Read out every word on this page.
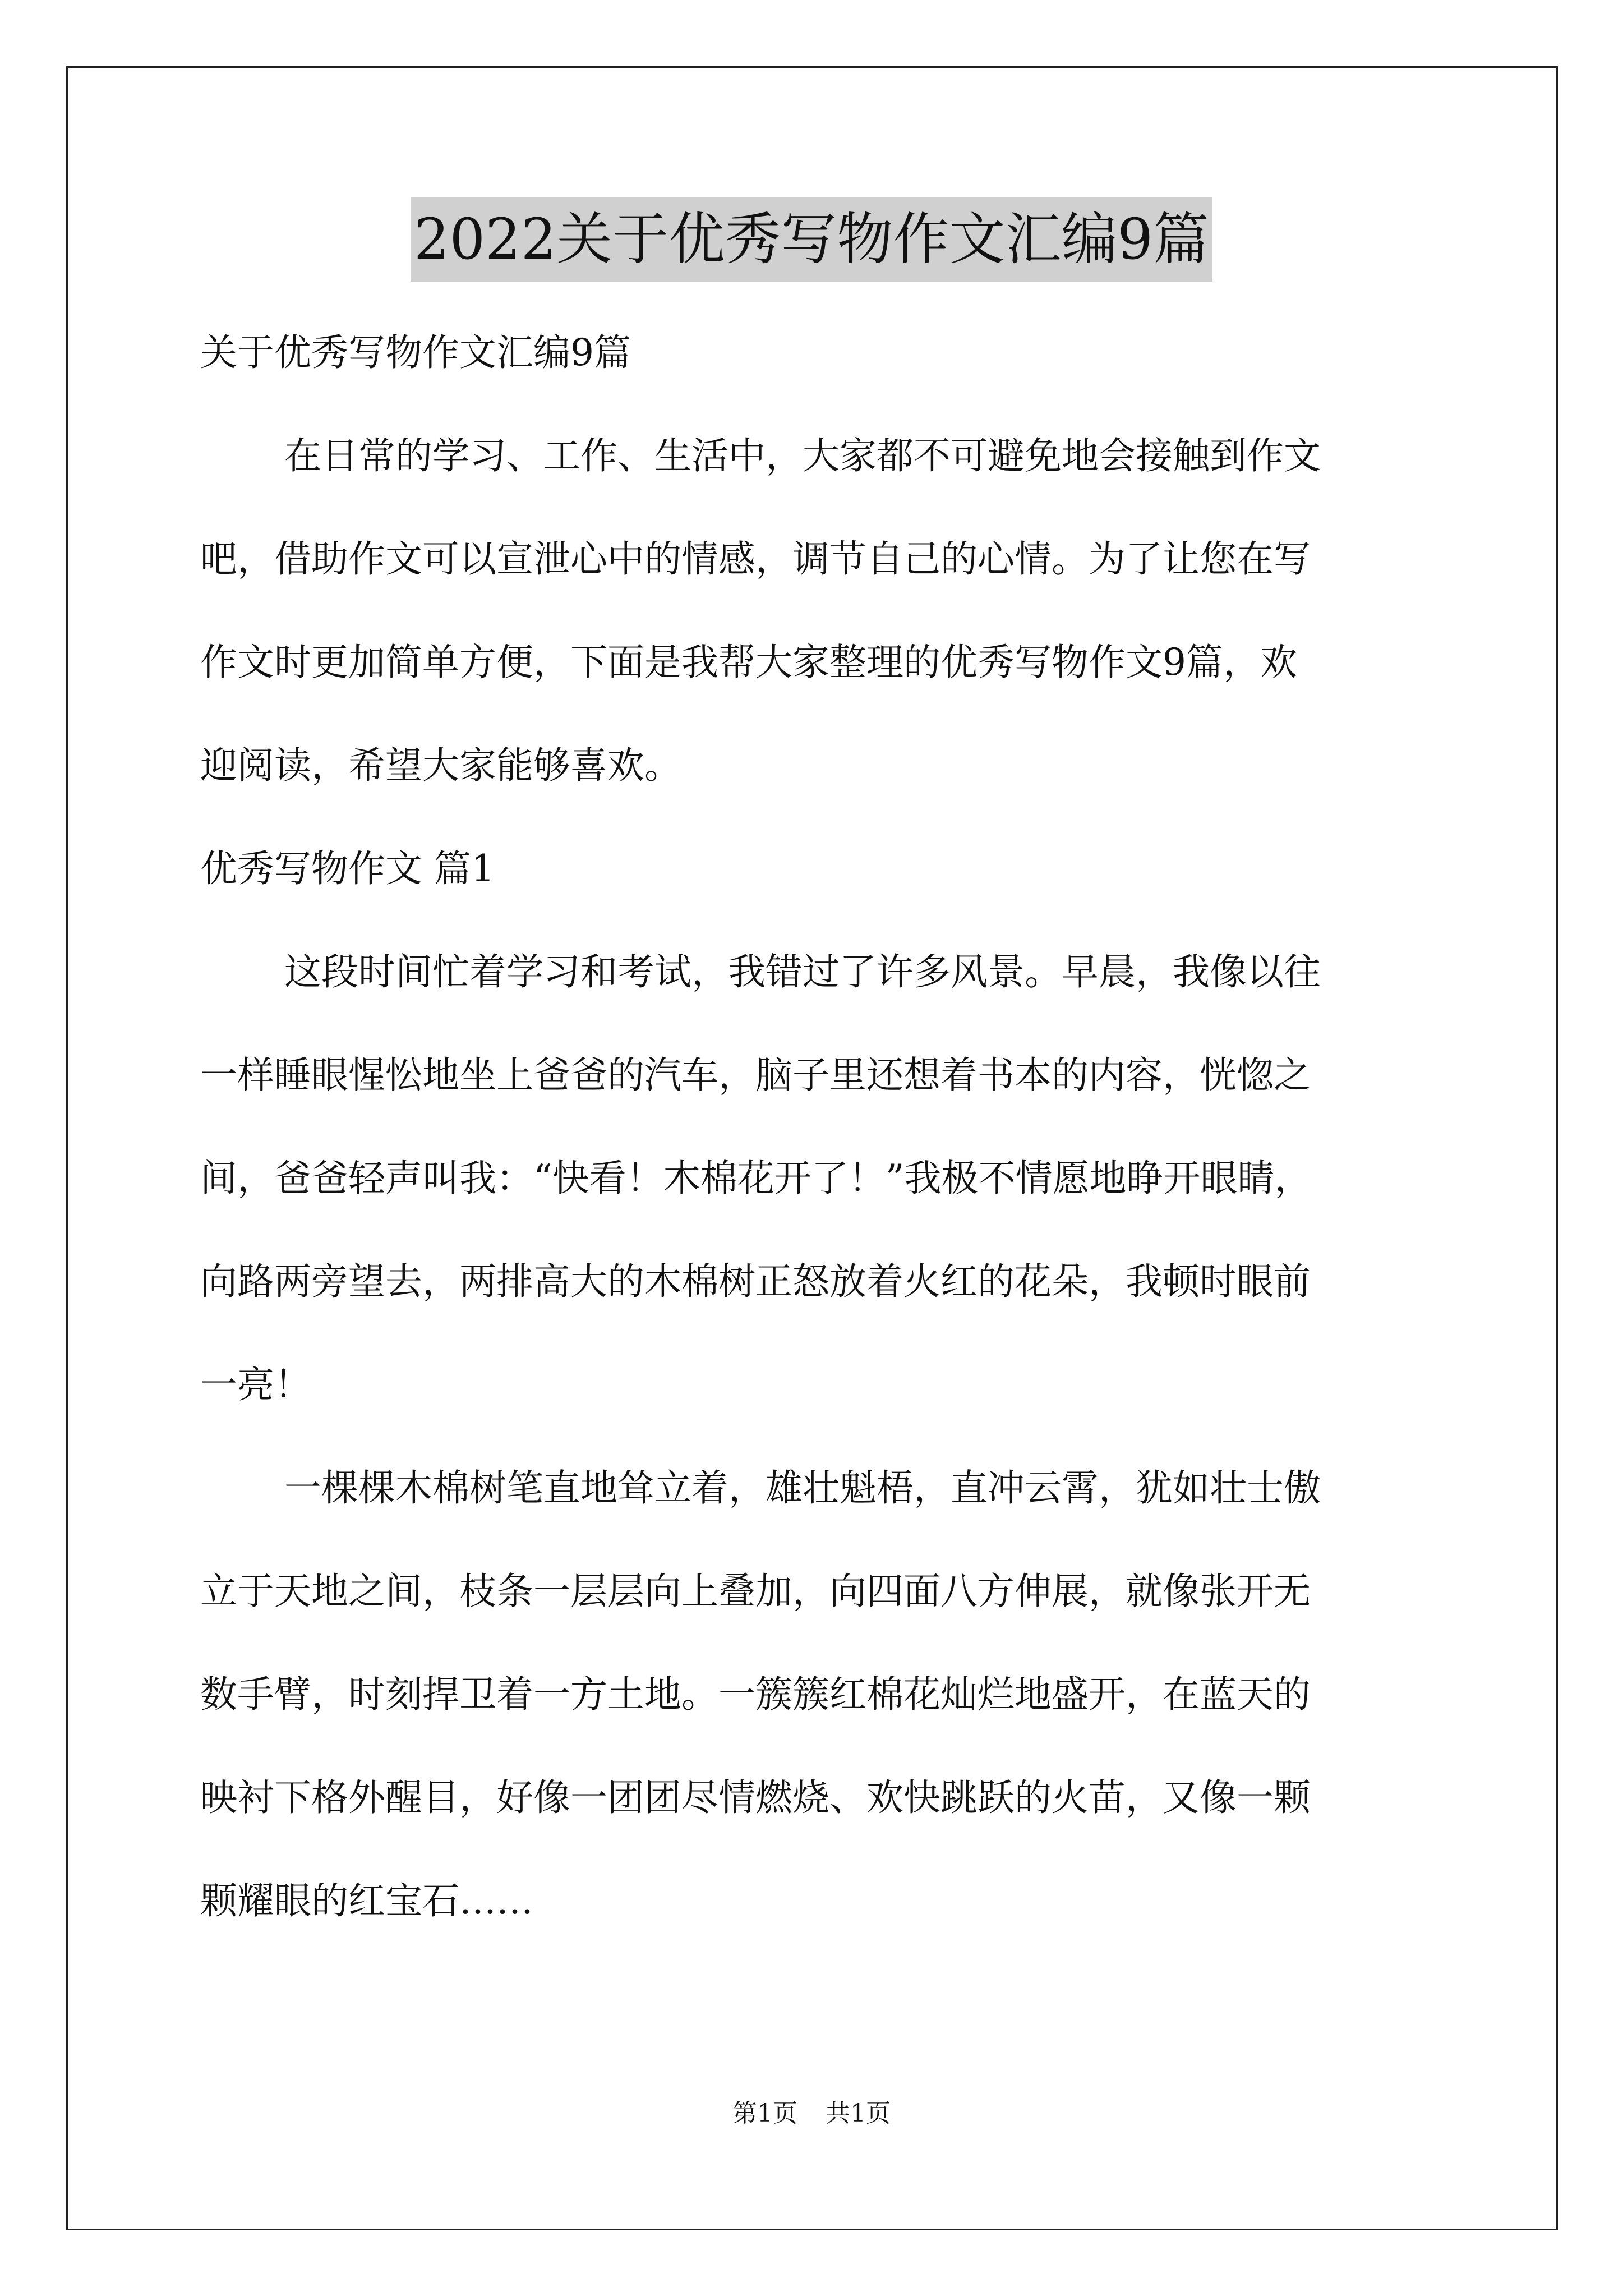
2022关于优秀写物作文汇编9篇
关于优秀写物作文汇编9篇
在日常的学习、工作、生活中，大家都不可避免地会接触到作文
吧，借助作文可以宣泄心中的情感，调节自己的心情。为了让您在写
作文时更加简单方便，下面是我帮大家整理的优秀写物作文9篇，欢
迎阅读，希望大家能够喜欢。
优秀写物作文 篇1
这段时间忙着学习和考试，我错过了许多风景。早晨，我像以往
一样睡眼惺忪地坐上爸爸的汽车，脑子里还想着书本的内容，恍惚之
间，爸爸轻声叫我：“快看！木棉花开了！”我极不情愿地睁开眼睛，
向路两旁望去，两排高大的木棉树正怒放着火红的花朵，我顿时眼前
一亮！
一棵棵木棉树笔直地耸立着，雄壮魁梧，直冲云霄，犹如壮士傲
立于天地之间，枝条一层层向上叠加，向四面八方伸展，就像张开无
数手臂，时刻捍卫着一方土地。一簇簇红棉花灿烂地盛开，在蓝天的
映衬下格外醒目，好像一团团尽情燃烧、欢快跳跃的火苗，又像一颗
颗耀眼的红宝石……
第1页 共1页
